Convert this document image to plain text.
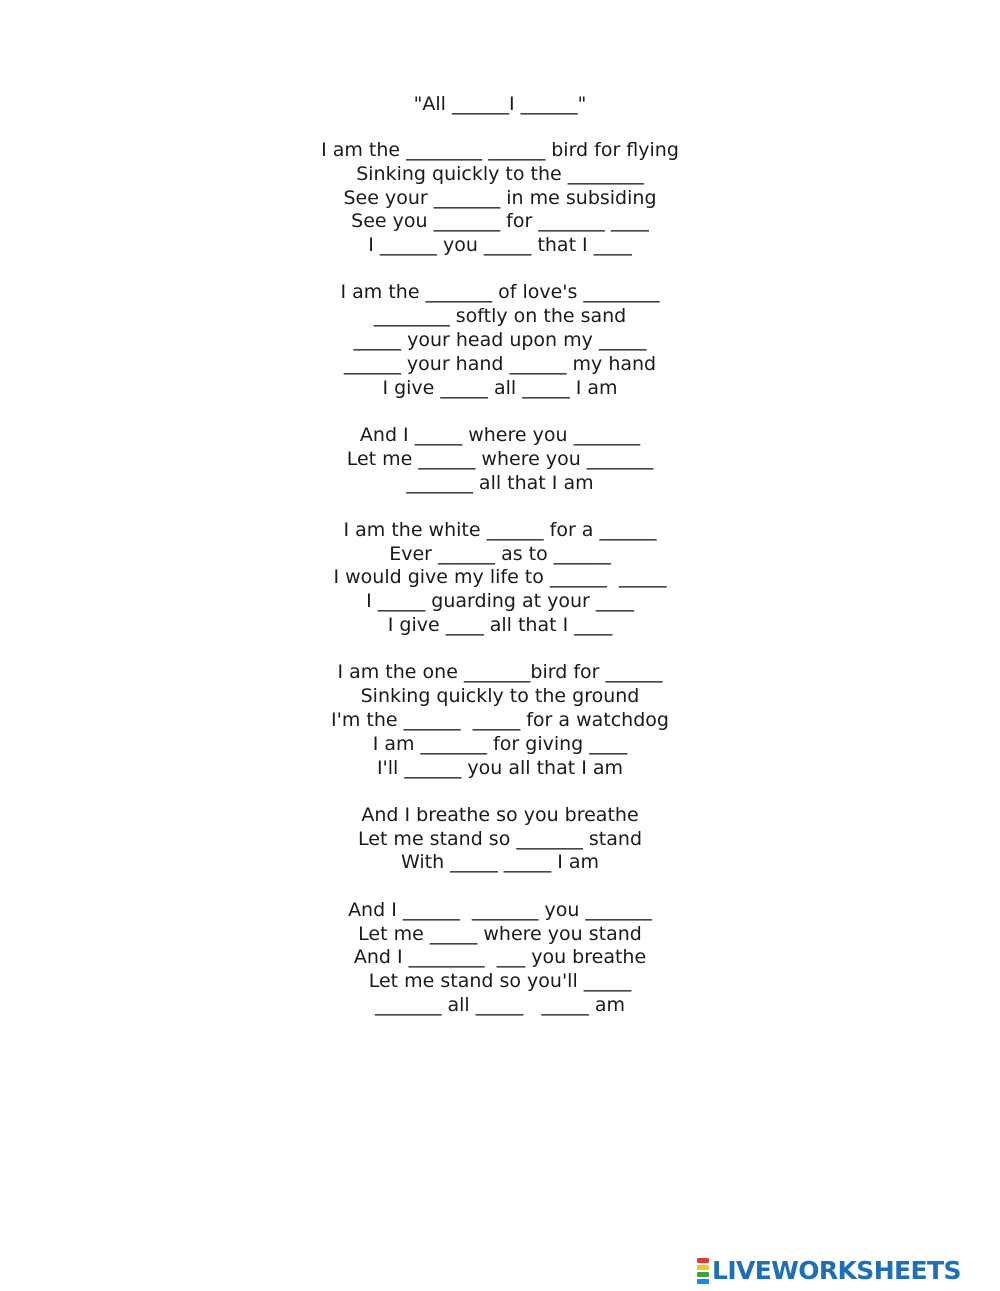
"All ______I ______"
I am the ________ ______ bird for flying
Sinking quickly to the ________
See your _______ in me subsiding
See you _______ for _______ ____
I ______ you _____ that I ____
I am the _______ of love's ________
________ softly on the sand
_____ your head upon my _____
______ your hand ______ my hand
I give _____ all _____ I am
And I _____ where you _______
Let me ______ where you _______
_______ all that I am
I am the white ______ for a ______
Ever ______ as to ______
I would give my life to ______  _____
I _____ guarding at your ____
I give ____ all that I ____
I am the one _______bird for ______
Sinking quickly to the ground
I'm the ______  _____ for a watchdog
I am _______ for giving ____
I'll ______ you all that I am
And I breathe so you breathe
Let me stand so _______ stand
With _____ _____ I am
And I ______  _______ you _______
Let me _____ where you stand
And I ________  ___ you breathe
Let me stand so you'll _____
_______ all _____   _____ am
LIVEWORKSHEETS
